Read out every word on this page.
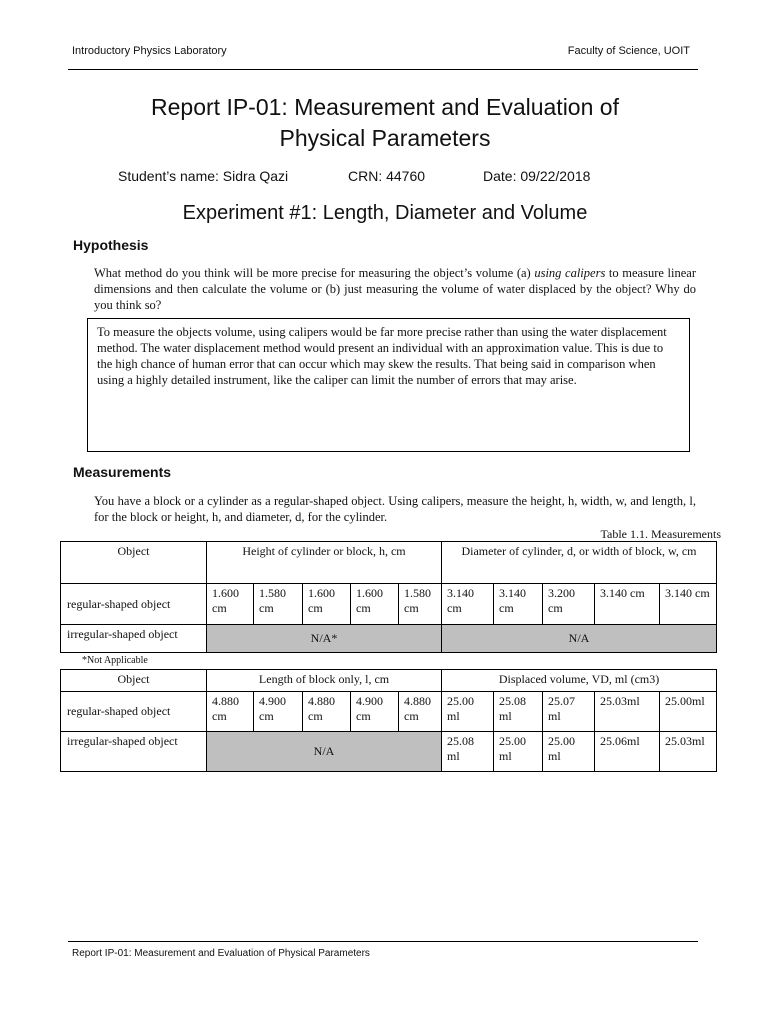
Introductory Physics Laboratory	Faculty of Science, UOIT
Report IP-01: Measurement and Evaluation of
Physical Parameters
Student’s name: Sidra Qazi	CRN: 44760	Date: 09/22/2018
Experiment #1: Length, Diameter and Volume
Hypothesis
What method do you think will be more precise for measuring the object’s volume (a) using calipers to measure linear dimensions and then calculate the volume or (b) just measuring the volume of water displaced by the object? Why do you think so?
To measure the objects volume, using calipers would be far more precise rather than using the water displacement method. The water displacement method would present an individual with an approximation value. This is due to the high chance of human error that can occur which may skew the results. That being said in comparison when using a highly detailed instrument, like the caliper can limit the number of errors that may arise.
Measurements
You have a block or a cylinder as a regular-shaped object. Using calipers, measure the height, h, width, w, and length, l, for the block or height, h, and diameter, d, for the cylinder.
Table 1.1. Measurements
Object	Height of cylinder or block, h, cm					Diameter of cylinder, d, or width of block, w, cm				
regular-shaped object	1.600 cm	1.580 cm	1.600 cm	1.600 cm	1.580 cm	3.140 cm	3.140 cm	3.200 cm	3.140 cm	3.140 cm
irregular-shaped object	N/A*					N/A				
*Not Applicable
Object	Length of block only, l, cm					Displaced volume, VD, ml (cm3)				
regular-shaped object	4.880 cm	4.900 cm	4.880 cm	4.900 cm	4.880 cm	25.00 ml	25.08 ml	25.07 ml	25.03ml	25.00ml
irregular-shaped object	N/A					25.08 ml	25.00 ml	25.00 ml	25.06ml	25.03ml
Report IP-01: Measurement and Evaluation of Physical Parameters
